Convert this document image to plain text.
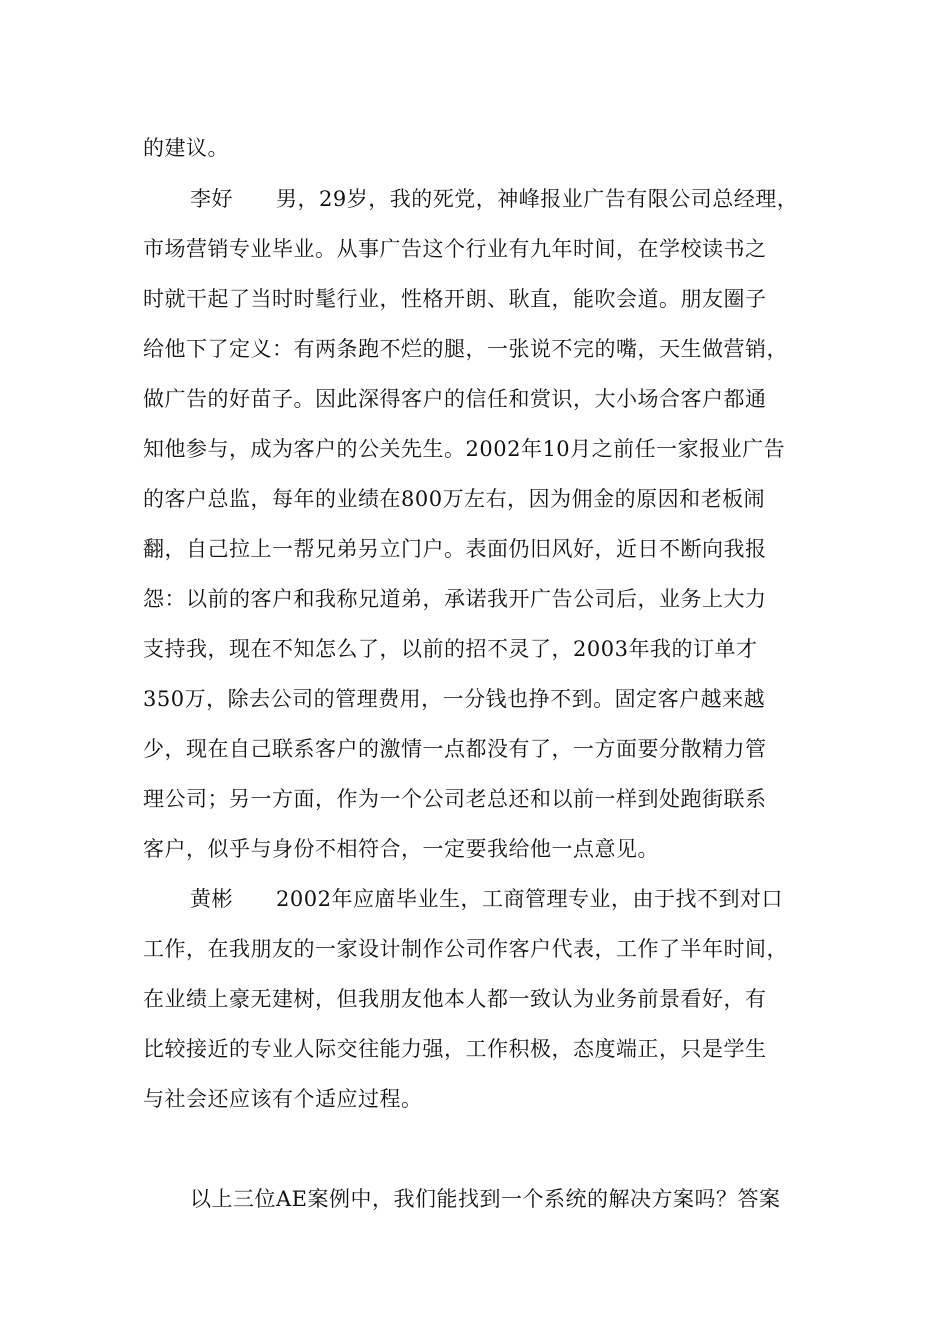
的建议。
李好　　男，29岁，我的死党，神峰报业广告有限公司总经理，
市场营销专业毕业。从事广告这个行业有九年时间，在学校读书之
时就干起了当时时髦行业，性格开朗、耿直，能吹会道。朋友圈子
给他下了定义：有两条跑不烂的腿，一张说不完的嘴，天生做营销，
做广告的好苗子。因此深得客户的信任和赏识，大小场合客户都通
知他参与，成为客户的公关先生。2002年10月之前任一家报业广告
的客户总监，每年的业绩在800万左右，因为佣金的原因和老板闹
翻，自己拉上一帮兄弟另立门户。表面仍旧风好，近日不断向我报
怨：以前的客户和我称兄道弟，承诺我开广告公司后，业务上大力
支持我，现在不知怎么了，以前的招不灵了，2003年我的订单才
350万，除去公司的管理费用，一分钱也挣不到。固定客户越来越
少，现在自己联系客户的激情一点都没有了，一方面要分散精力管
理公司；另一方面，作为一个公司老总还和以前一样到处跑街联系
客户，似乎与身份不相符合，一定要我给他一点意见。
黄彬　　2002年应庿毕业生，工商管理专业，由于找不到对口
工作，在我朋友的一家设计制作公司作客户代表，工作了半年时间，
在业绩上豪无建树，但我朋友他本人都一致认为业务前景看好，有
比较接近的专业人际交往能力强，工作积极，态度端正，只是学生
与社会还应该有个适应过程。
以上三位AE案例中，我们能找到一个系统的解决方案吗？答案
